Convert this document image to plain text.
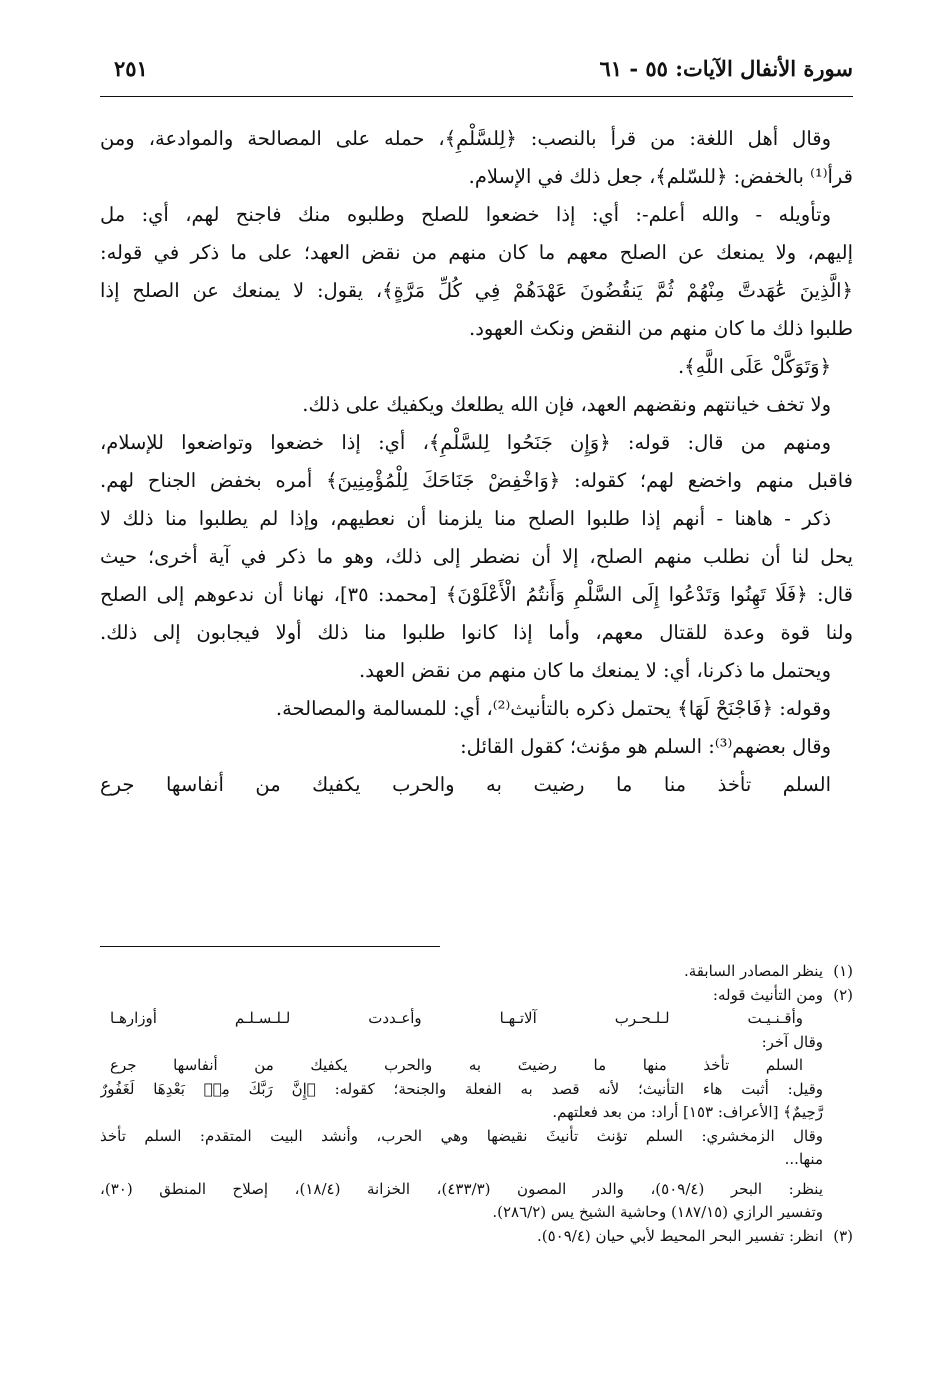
سورة الأنفال الآيات: ٥٥ - ٦١
٢٥١
وقال أهل اللغة: من قرأ بالنصب: ﴿لِلسَّلْمِ﴾، حمله على المصالحة والموادعة، ومن
قرأ⁽¹⁾ بالخفض: ﴿للسّلم﴾، جعل ذلك في الإسلام.
وتأويله - والله أعلم-: أي: إذا خضعوا للصلح وطلبوه منك فاجنح لهم، أي: مل
إليهم، ولا يمنعك عن الصلح معهم ما كان منهم من نقض العهد؛ على ما ذكر في قوله:
﴿الَّذِينَ عَٰهَدتَّ مِنْهُمْ ثُمَّ يَنقُضُونَ عَهْدَهُمْ فِي كُلِّ مَرَّةٍ﴾، يقول: لا يمنعك عن الصلح إذا
طلبوا ذلك ما كان منهم من النقض ونكث العهود.
﴿وَتَوَكَّلْ عَلَى اللَّهِ﴾.
ولا تخف خيانتهم ونقضهم العهد، فإن الله يطلعك ويكفيك على ذلك.
ومنهم من قال: قوله: ﴿وَإِن جَنَحُوا لِلسَّلْمِ﴾، أي: إذا خضعوا وتواضعوا للإسلام،
فاقبل منهم واخضع لهم؛ كقوله: ﴿وَاخْفِضْ جَنَاحَكَ لِلْمُؤْمِنِينَ﴾ أمره بخفض الجناح لهم.
ذكر - هاهنا - أنهم إذا طلبوا الصلح منا يلزمنا أن نعطيهم، وإذا لم يطلبوا منا ذلك لا
يحل لنا أن نطلب منهم الصلح، إلا أن نضطر إلى ذلك، وهو ما ذكر في آية أخرى؛ حيث
قال: ﴿فَلَا تَهِنُوا وَتَدْعُوا إِلَى السَّلْمِ وَأَنتُمُ الْأَعْلَوْنَ﴾ [محمد: ٣٥]، نهانا أن ندعوهم إلى الصلح
ولنا قوة وعدة للقتال معهم، وأما إذا كانوا طلبوا منا ذلك أولا فيجابون إلى ذلك.
ويحتمل ما ذكرنا، أي: لا يمنعك ما كان منهم من نقض العهد.
وقوله: ﴿فَاجْنَحْ لَهَا﴾ يحتمل ذكره بالتأنيث⁽²⁾، أي: للمسالمة والمصالحة.
وقال بعضهم⁽³⁾: السلم هو مؤنث؛ كقول القائل:
السلم تأخذ منا ما رضيت به والحرب يكفيك من أنفاسها جرع
(١)ينظر المصادر السابقة.
(٢)ومن التأنيث قوله:
وأقـنـيـت لـلـحـرب آلاتـهـا وأعـددت لـلـسـلـم أوزارهـا
وقال آخر:
السلم تأخذ منها ما رضيتَ به والحرب يكفيك من أنفاسها جرع
وقيل: أثبت هاء التأنيث؛ لأنه قصد به الفعلة والجنحة؛ كقوله: ﴿إِنَّ رَبَّكَ مِنۢ بَعْدِهَا لَغَفُورٌ
رَّحِيمٌ﴾ [الأعراف: ١٥٣] أراد: من بعد فعلتهم.
وقال الزمخشري: السلم تؤنث تأنيثَ نقيضها وهي الحرب، وأنشد البيت المتقدم: السلم تأخذ
منها...
ينظر: البحر (٥٠٩/٤)، والدر المصون (٤٣٣/٣)، الخزانة (١٨/٤)، إصلاح المنطق (٣٠)،
وتفسير الرازي (١٨٧/١٥) وحاشية الشيخ يس (٢٨٦/٢).
(٣)انظر: تفسير البحر المحيط لأبي حيان (٥٠٩/٤).
